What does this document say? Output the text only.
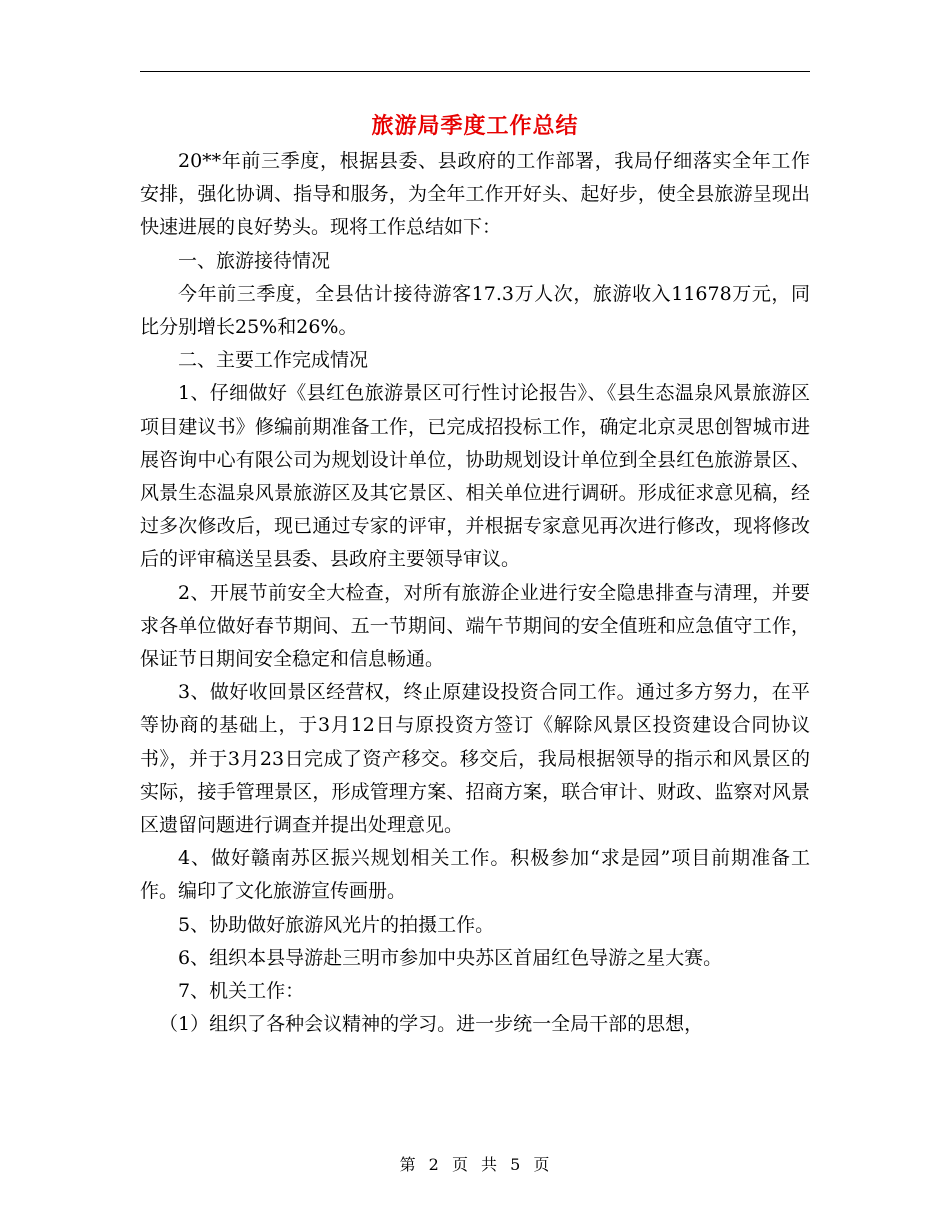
旅游局季度工作总结

20**年前三季度，根据县委、县政府的工作部署，我局仔细落实全年工作安排，强化协调、指导和服务，为全年工作开好头、起好步，使全县旅游呈现出快速进展的良好势头。现将工作总结如下：

一、旅游接待情况

今年前三季度，全县估计接待游客17.3万人次，旅游收入11678万元，同比分别增长25%和26%。

二、主要工作完成情况

1、仔细做好《县红色旅游景区可行性讨论报告》、《县生态温泉风景旅游区项目建议书》修编前期准备工作，已完成招投标工作，确定北京灵思创智城市进展咨询中心有限公司为规划设计单位，协助规划设计单位到全县红色旅游景区、风景生态温泉风景旅游区及其它景区、相关单位进行调研。形成征求意见稿，经过多次修改后，现已通过专家的评审，并根据专家意见再次进行修改，现将修改后的评审稿送呈县委、县政府主要领导审议。

2、开展节前安全大检查，对所有旅游企业进行安全隐患排查与清理，并要求各单位做好春节期间、五一节期间、端午节期间的安全值班和应急值守工作，保证节日期间安全稳定和信息畅通。

3、做好收回景区经营权，终止原建设投资合同工作。通过多方努力，在平等协商的基础上，于3月12日与原投资方签订《解除风景区投资建设合同协议书》，并于3月23日完成了资产移交。移交后，我局根据领导的指示和风景区的实际，接手管理景区，形成管理方案、招商方案，联合审计、财政、监察对风景区遗留问题进行调查并提出处理意见。

4、做好赣南苏区振兴规划相关工作。积极参加“求是园”项目前期准备工作。编印了文化旅游宣传画册。

5、协助做好旅游风光片的拍摄工作。

6、组织本县导游赴三明市参加中央苏区首届红色导游之星大赛。

7、机关工作：

（1）组织了各种会议精神的学习。进一步统一全局干部的思想，

第 2 页 共 5 页
